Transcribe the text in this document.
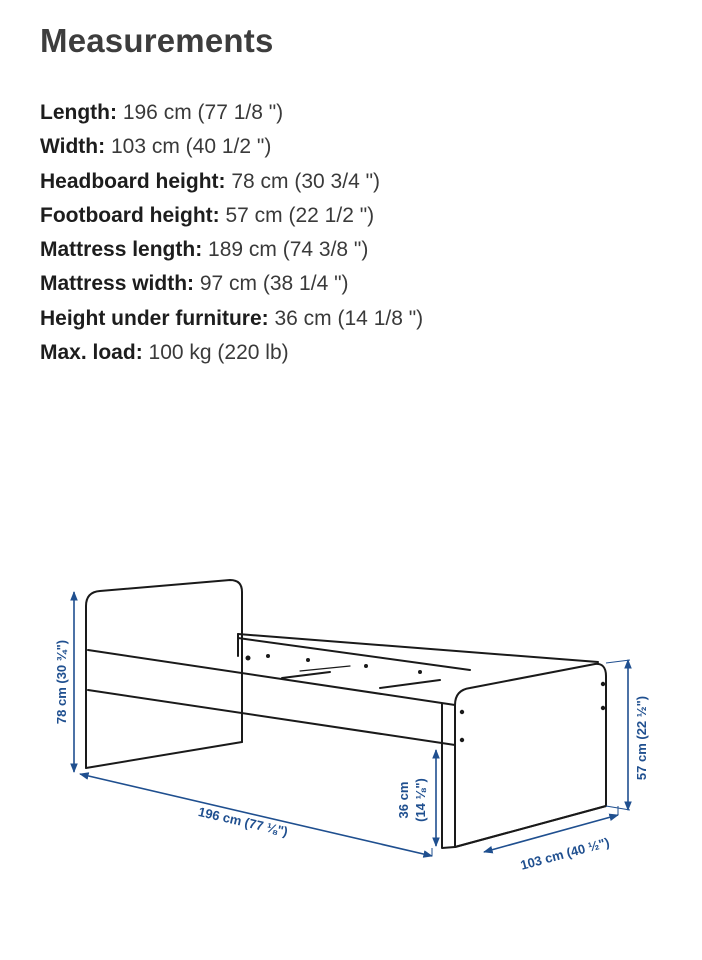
Measurements
Length: 196 cm (77 1/8 ")
Width: 103 cm (40 1/2 ")
Headboard height: 78 cm (30 3/4 ")
Footboard height: 57 cm (22 1/2 ")
Mattress length: 189 cm (74 3/8 ")
Mattress width: 97 cm (38 1/4 ")
Height under furniture: 36 cm (14 1/8 ")
Max. load: 100 kg (220 lb)
78 cm (30 ¾")
196 cm (77 ⅛")
36 cm (14 ⅛")
57 cm (22 ½")
103 cm (40 ½")
